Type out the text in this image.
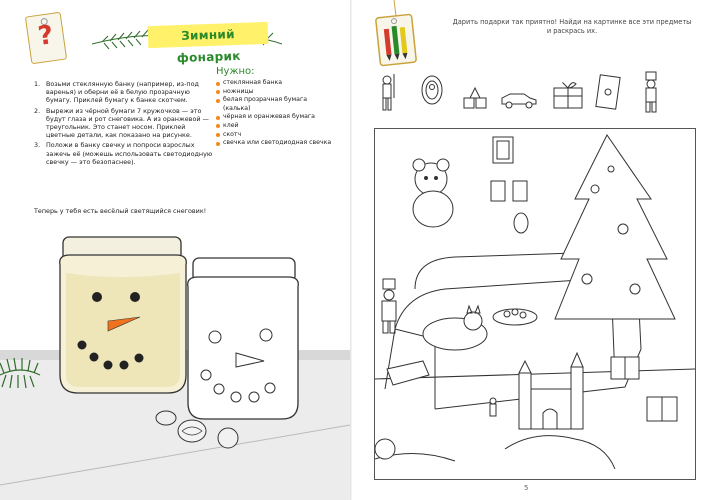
?	Зимний фонарик
1. Возьми стеклянную банку (например, из-под варенья) и оберни её в белую прозрачную бумагу. Приклей бумагу к банке скотчем.
2. Вырежи из чёрной бумаги 7 кружочков — это будут глаза и рот снеговика. А из оранжевой — треугольник. Это станет носом. Приклей цветные детали, как показано на рисунке.
3. Положи в банку свечку и попроси взрослых зажечь её (можешь использовать светодиодную свечку — это безопаснее).
Теперь у тебя есть весёлый светящийся снеговик!
Нужно:
стеклянная банка
ножницы
белая прозрачная бумага (калька)
чёрная и оранжевая бумага
клей
скотч
свечка или светодиодная свечка
Дарить подарки так приятно! Найди на картинке все эти предметы и раскрась их.
5
